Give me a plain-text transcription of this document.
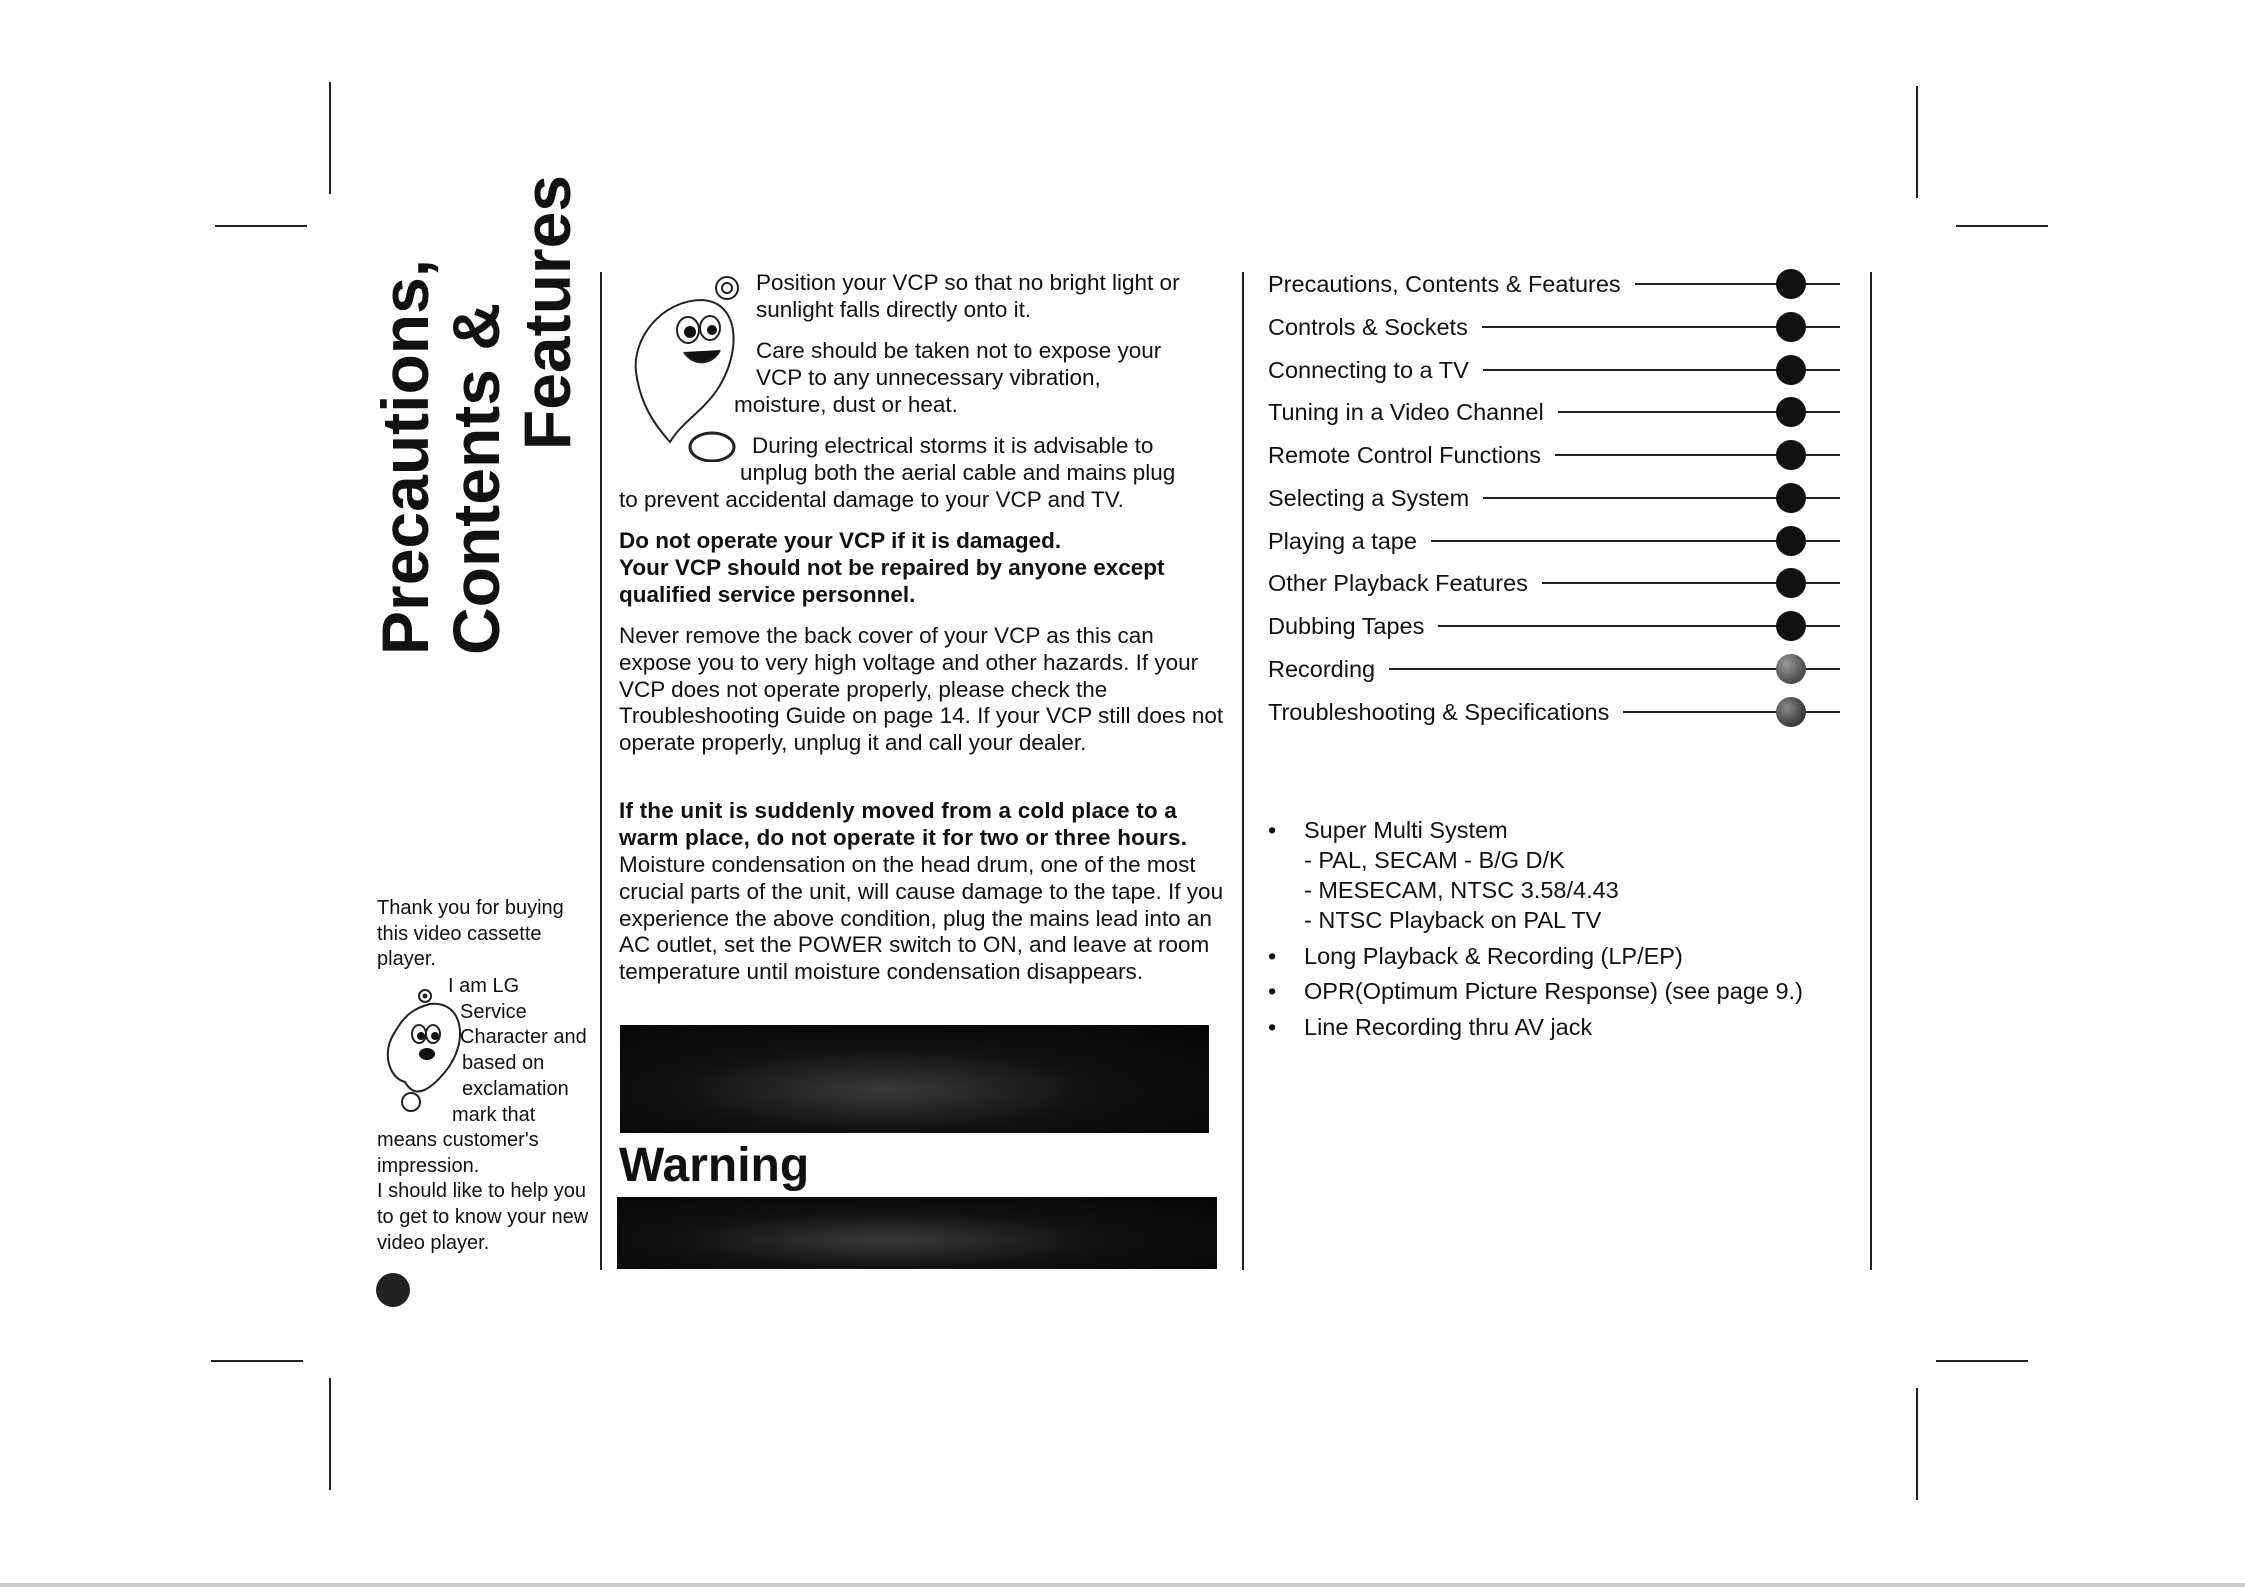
Precautions,
Contents &
Features

Thank you for buying this video cassette player.

I am LG
Service
Character and
based on
exclamation
mark that
means customer's impression.
I should like to help you to get to know your new video player.

Position your VCP so that no bright light or

sunlight falls directly onto it.

Care should be taken not to expose your

VCP to any unnecessary vibration,

moisture, dust or heat.

During electrical storms it is advisable to

unplug both the aerial cable and mains plug

to prevent accidental damage to your VCP and TV.

Do not operate your VCP if it is damaged.

Your VCP should not be repaired by anyone except qualified service personnel.

Never remove the back cover of your VCP as this can expose you to very high voltage and other hazards. If your VCP does not operate properly, please check the Troubleshooting Guide on page 14. If your VCP still does not operate properly, unplug it and call your dealer.

If the unit is suddenly moved from a cold place to a warm place, do not operate it for two or three hours.

Moisture condensation on the head drum, one of the most crucial parts of the unit, will cause damage to the tape. If you experience the above condition, plug the mains lead into an AC outlet, set the POWER switch to ON, and leave at room temperature until moisture condensation disappears.

Warning
Precautions, Contents & Features
Controls & Sockets
Connecting to a TV
Tuning in a Video Channel
Remote Control Functions
Selecting a System
Playing a tape
Other Playback Features
Dubbing Tapes
Recording
Troubleshooting & Specifications
• Super Multi System
- PAL, SECAM - B/G D/K
- MESECAM, NTSC 3.58/4.43
- NTSC Playback on PAL TV
• Long Playback & Recording (LP/EP)
• OPR(Optimum Picture Response) (see page 9.)
• Line Recording thru AV jack
